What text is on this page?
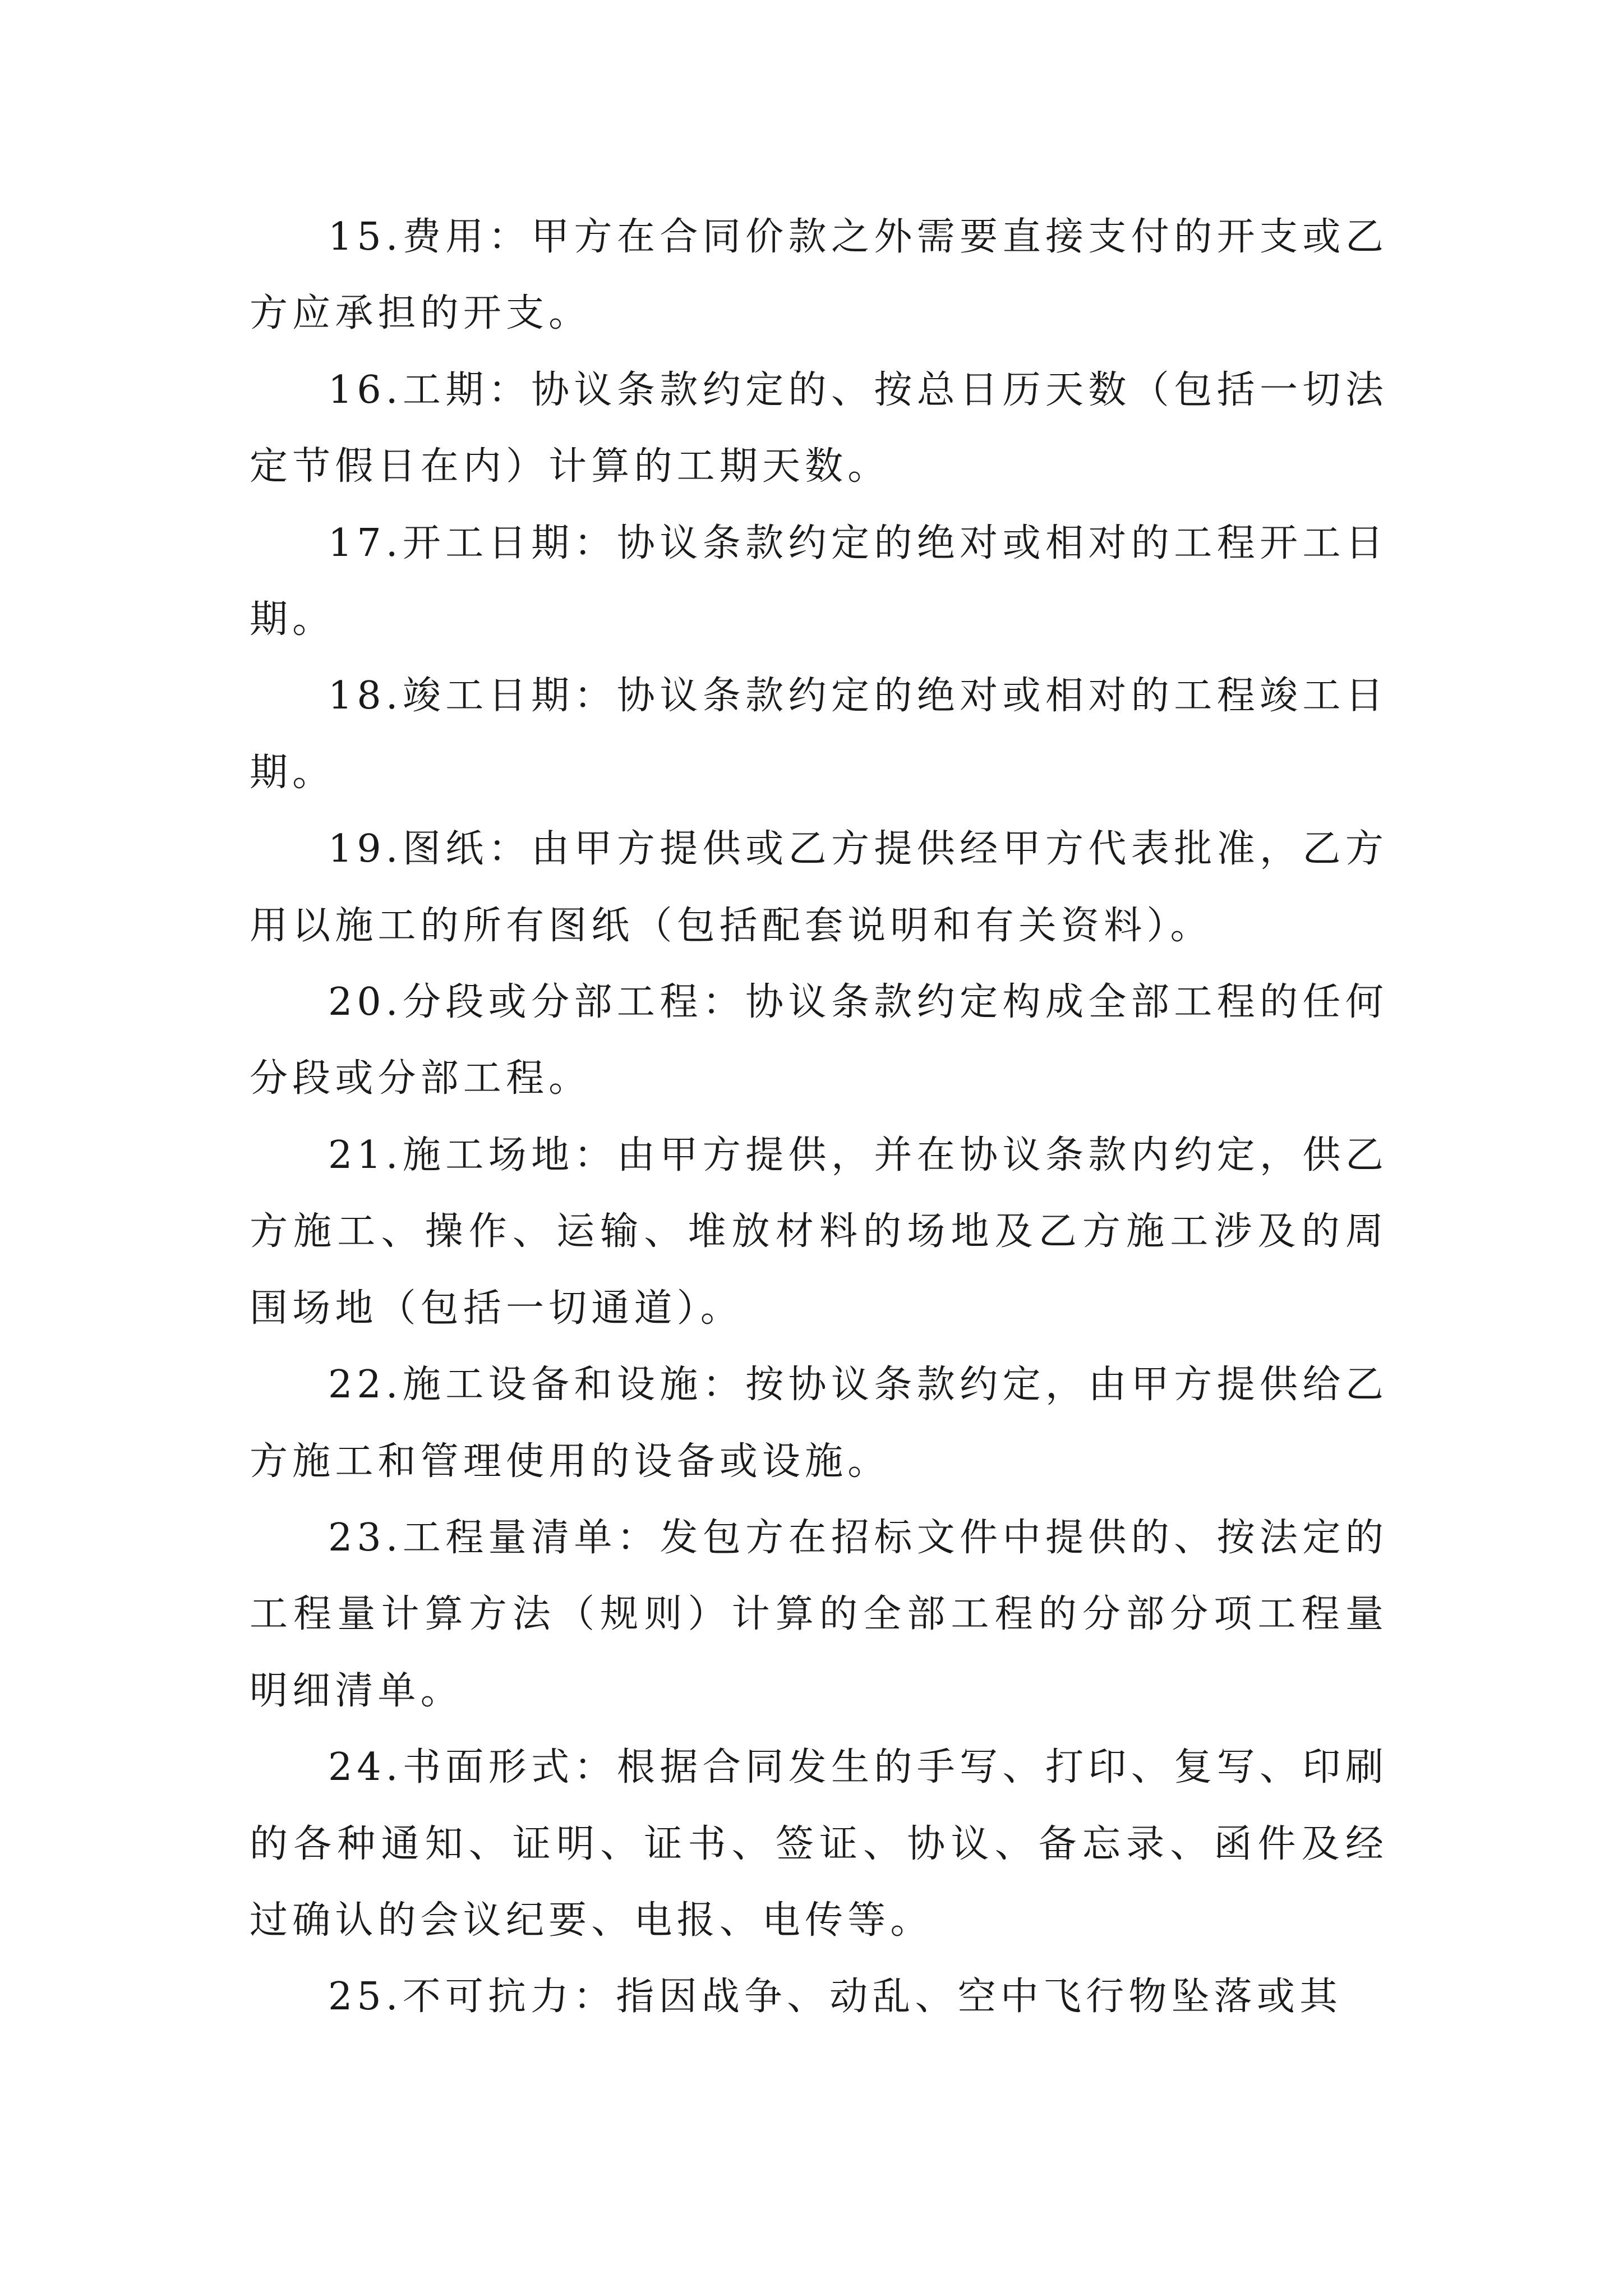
15.费用：甲方在合同价款之外需要直接支付的开支或乙方应承担的开支。

16.工期：协议条款约定的、按总日历天数（包括一切法定节假日在内）计算的工期天数。

17.开工日期：协议条款约定的绝对或相对的工程开工日期。

18.竣工日期：协议条款约定的绝对或相对的工程竣工日期。

19.图纸：由甲方提供或乙方提供经甲方代表批准，乙方用以施工的所有图纸（包括配套说明和有关资料）。

20.分段或分部工程：协议条款约定构成全部工程的任何分段或分部工程。

21.施工场地：由甲方提供，并在协议条款内约定，供乙方施工、操作、运输、堆放材料的场地及乙方施工涉及的周围场地（包括一切通道）。

22.施工设备和设施：按协议条款约定，由甲方提供给乙方施工和管理使用的设备或设施。

23.工程量清单：发包方在招标文件中提供的、按法定的工程量计算方法（规则）计算的全部工程的分部分项工程量明细清单。

24.书面形式：根据合同发生的手写、打印、复写、印刷的各种通知、证明、证书、签证、协议、备忘录、函件及经过确认的会议纪要、电报、电传等。

25.不可抗力：指因战争、动乱、空中飞行物坠落或其
